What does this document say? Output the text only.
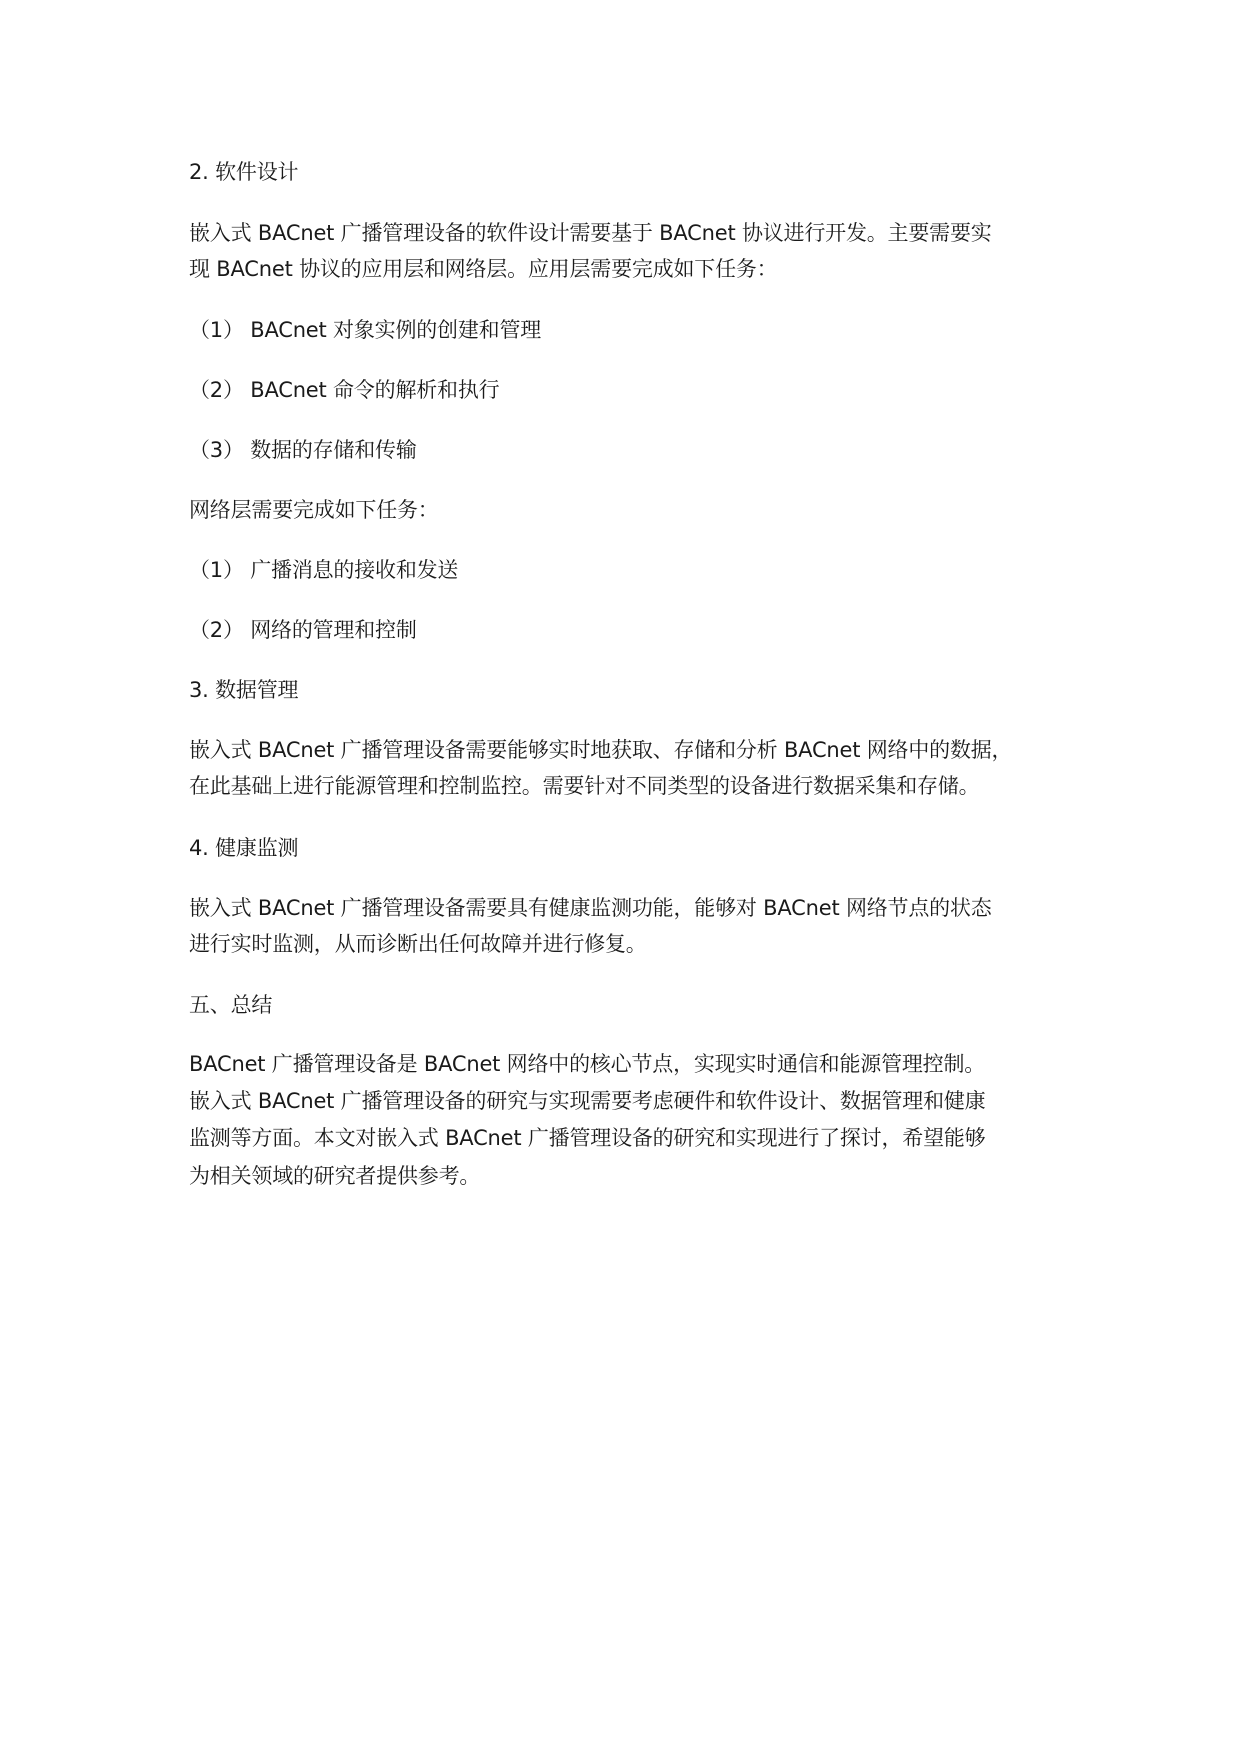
2. 软件设计
嵌入式 BACnet 广播管理设备的软件设计需要基于 BACnet 协议进行开发。主要需要实
现 BACnet 协议的应用层和网络层。应用层需要完成如下任务：
（1） BACnet 对象实例的创建和管理
（2） BACnet 命令的解析和执行
（3） 数据的存储和传输
网络层需要完成如下任务：
（1） 广播消息的接收和发送
（2） 网络的管理和控制
3. 数据管理
嵌入式 BACnet 广播管理设备需要能够实时地获取、存储和分析 BACnet 网络中的数据，
在此基础上进行能源管理和控制监控。需要针对不同类型的设备进行数据采集和存储。
4. 健康监测
嵌入式 BACnet 广播管理设备需要具有健康监测功能，能够对 BACnet 网络节点的状态
进行实时监测，从而诊断出任何故障并进行修复。
五、总结
BACnet 广播管理设备是 BACnet 网络中的核心节点，实现实时通信和能源管理控制。
嵌入式 BACnet 广播管理设备的研究与实现需要考虑硬件和软件设计、数据管理和健康
监测等方面。本文对嵌入式 BACnet 广播管理设备的研究和实现进行了探讨，希望能够
为相关领域的研究者提供参考。
